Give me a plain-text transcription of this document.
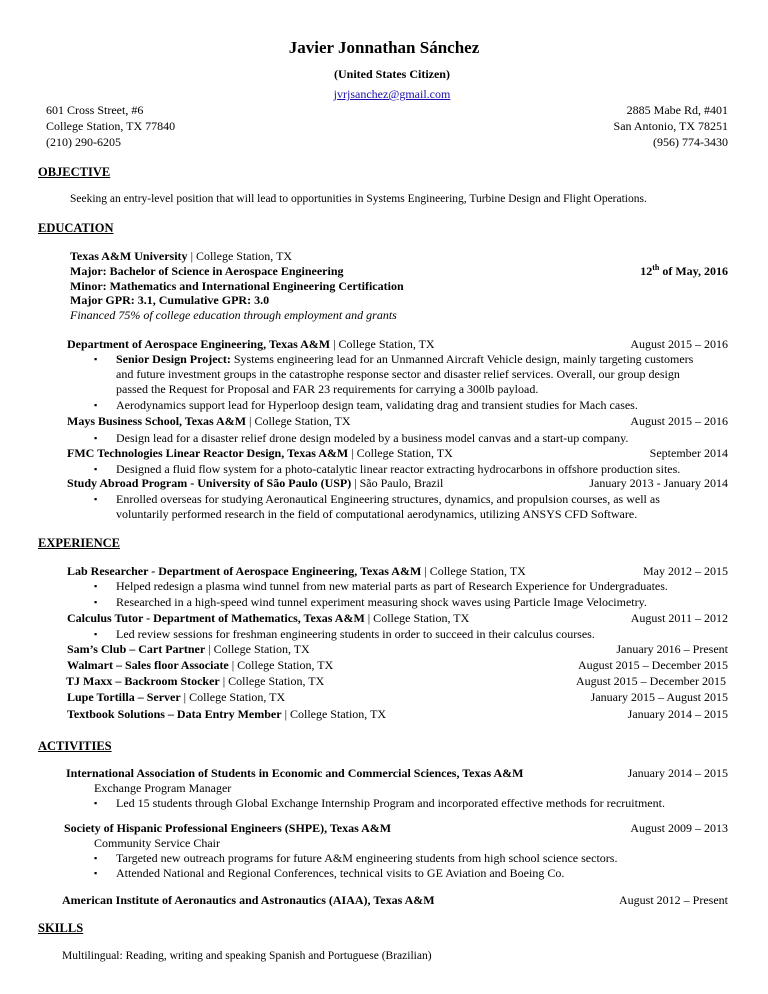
Javier Jonnathan Sánchez
(United States Citizen)
jvrjsanchez@gmail.com
601 Cross Street, #6
College Station, TX 77840
(210) 290-6205
2885 Mabe Rd, #401
San Antonio, TX 78251
(956) 774-3430
OBJECTIVE
Seeking an entry-level position that will lead to opportunities in Systems Engineering, Turbine Design and Flight Operations.
EDUCATION
Texas A&M University | College Station, TX
Major: Bachelor of Science in Aerospace Engineering	12th of May, 2016
Minor: Mathematics and International Engineering Certification
Major GPR: 3.1, Cumulative GPR: 3.0
Financed 75% of college education through employment and grants
Department of Aerospace Engineering, Texas A&M | College Station, TX	August 2015 – 2016
▪ Senior Design Project: Systems engineering lead for an Unmanned Aircraft Vehicle design, mainly targeting customers
and future investment groups in the catastrophe response sector and disaster relief services. Overall, our group design
passed the Request for Proposal and FAR 23 requirements for carrying a 300lb payload.
▪ Aerodynamics support lead for Hyperloop design team, validating drag and transient studies for Mach cases.
Mays Business School, Texas A&M | College Station, TX	August 2015 – 2016
▪ Design lead for a disaster relief drone design modeled by a business model canvas and a start-up company.
FMC Technologies Linear Reactor Design, Texas A&M | College Station, TX	September 2014
▪ Designed a fluid flow system for a photo-catalytic linear reactor extracting hydrocarbons in offshore production sites.
Study Abroad Program - University of São Paulo (USP) | São Paulo, Brazil	January 2013 - January 2014
▪ Enrolled overseas for studying Aeronautical Engineering structures, dynamics, and propulsion courses, as well as
voluntarily performed research in the field of computational aerodynamics, utilizing ANSYS CFD Software.
EXPERIENCE
Lab Researcher - Department of Aerospace Engineering, Texas A&M | College Station, TX	May 2012 – 2015
▪ Helped redesign a plasma wind tunnel from new material parts as part of Research Experience for Undergraduates.
▪ Researched in a high-speed wind tunnel experiment measuring shock waves using Particle Image Velocimetry.
Calculus Tutor - Department of Mathematics, Texas A&M | College Station, TX	August 2011 – 2012
▪ Led review sessions for freshman engineering students in order to succeed in their calculus courses.
Sam’s Club – Cart Partner | College Station, TX	January 2016 – Present
Walmart – Sales floor Associate | College Station, TX	August 2015 – December 2015
TJ Maxx – Backroom Stocker | College Station, TX	August 2015 – December 2015
Lupe Tortilla – Server | College Station, TX	January 2015 – August 2015
Textbook Solutions – Data Entry Member | College Station, TX	January 2014 – 2015
ACTIVITIES
International Association of Students in Economic and Commercial Sciences, Texas A&M	January 2014 – 2015
Exchange Program Manager
▪ Led 15 students through Global Exchange Internship Program and incorporated effective methods for recruitment.
Society of Hispanic Professional Engineers (SHPE), Texas A&M	August 2009 – 2013
Community Service Chair
▪ Targeted new outreach programs for future A&M engineering students from high school science sectors.
▪ Attended National and Regional Conferences, technical visits to GE Aviation and Boeing Co.
American Institute of Aeronautics and Astronautics (AIAA), Texas A&M	August 2012 – Present
SKILLS
Multilingual: Reading, writing and speaking Spanish and Portuguese (Brazilian)
